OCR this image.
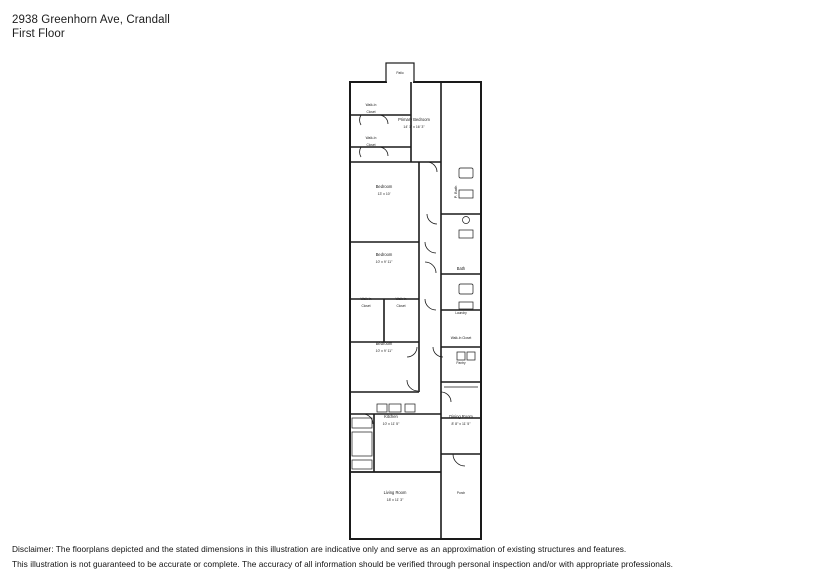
2938 Greenhorn Ave, Crandall
First Floor
Patio
Primary Bedroom
14' 1" x 16' 3"
Walk-In
Closet
Walk-In
Closet
Bedroom
13' x 10'	P. Bath
Bedroom
10' x 9' 11"
Bath
Walk-In
Closet
Walk-In
Closet
Laundry
Walk-In Closet
Bedroom
10' x 9' 11"
Pantry
Kitchen
10' x 11' 5"
Dining Room
8' 8" x 11' 5"
Living Room
18' x 11' 3"
Porch
Disclaimer: The floorplans depicted and the stated dimensions in this illustration are indicative only and serve as an approximation of existing structures and features.
This illustration is not guaranteed to be accurate or complete. The accuracy of all information should be verified through personal inspection and/or with appropriate professionals.
